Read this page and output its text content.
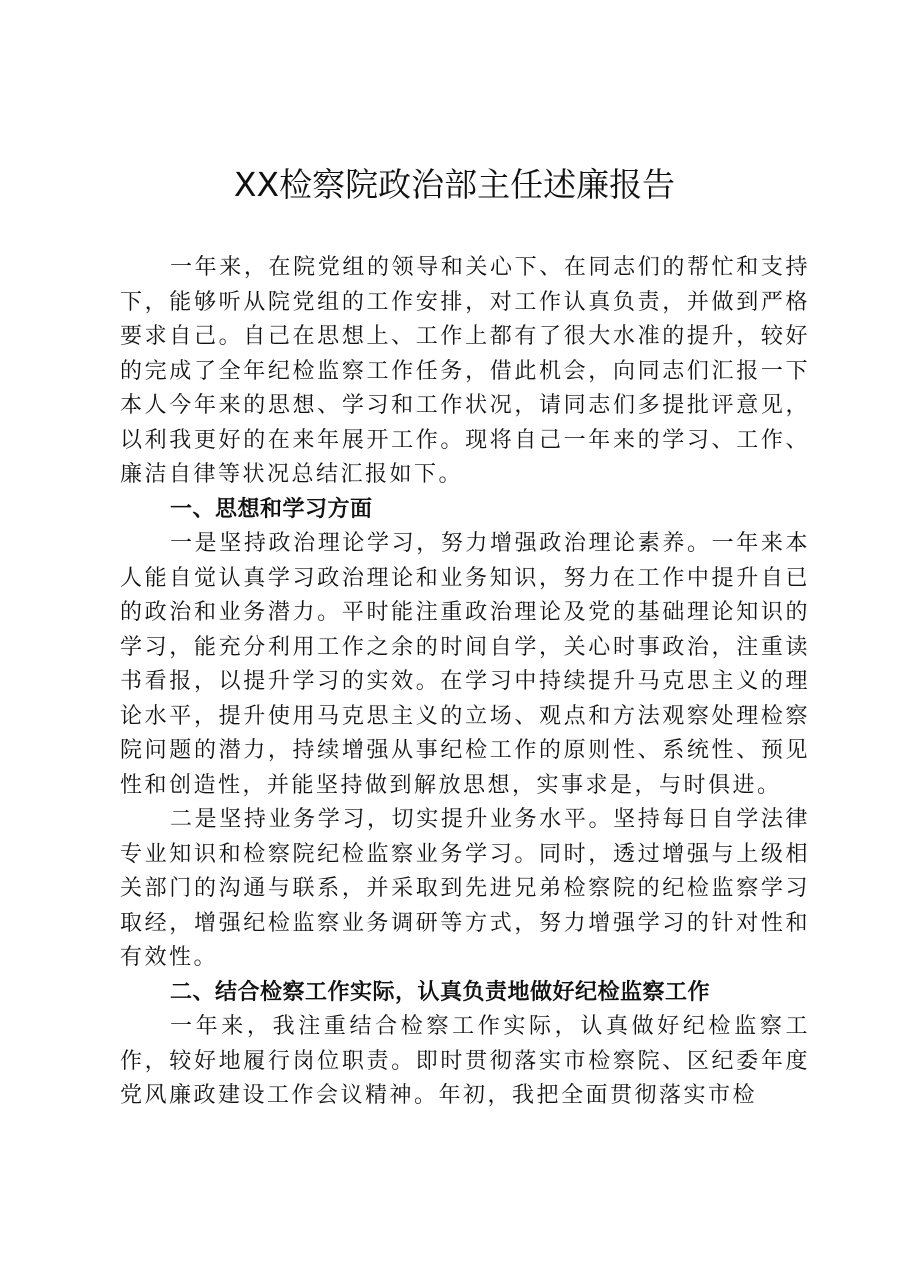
XX检察院政治部主任述廉报告

一年来，在院党组的领导和关心下、在同志们的帮忙和支持下，能够听从院党组的工作安排，对工作认真负责，并做到严格要求自己。自己在思想上、工作上都有了很大水准的提升，较好的完成了全年纪检监察工作任务，借此机会，向同志们汇报一下本人今年来的思想、学习和工作状况，请同志们多提批评意见，以利我更好的在来年展开工作。现将自己一年来的学习、工作、廉洁自律等状况总结汇报如下。

一、思想和学习方面

一是坚持政治理论学习，努力增强政治理论素养。一年来本人能自觉认真学习政治理论和业务知识，努力在工作中提升自已的政治和业务潜力。平时能注重政治理论及党的基础理论知识的学习，能充分利用工作之余的时间自学，关心时事政治，注重读书看报，以提升学习的实效。在学习中持续提升马克思主义的理论水平，提升使用马克思主义的立场、观点和方法观察处理检察院问题的潜力，持续增强从事纪检工作的原则性、系统性、预见性和创造性，并能坚持做到解放思想，实事求是，与时俱进。

二是坚持业务学习，切实提升业务水平。坚持每日自学法律专业知识和检察院纪检监察业务学习。同时，透过增强与上级相关部门的沟通与联系，并采取到先进兄弟检察院的纪检监察学习取经，增强纪检监察业务调研等方式，努力增强学习的针对性和有效性。

二、结合检察工作实际，认真负责地做好纪检监察工作

一年来，我注重结合检察工作实际，认真做好纪检监察工作，较好地履行岗位职责。即时贯彻落实市检察院、区纪委年度党风廉政建设工作会议精神。年初，我把全面贯彻落实市检
